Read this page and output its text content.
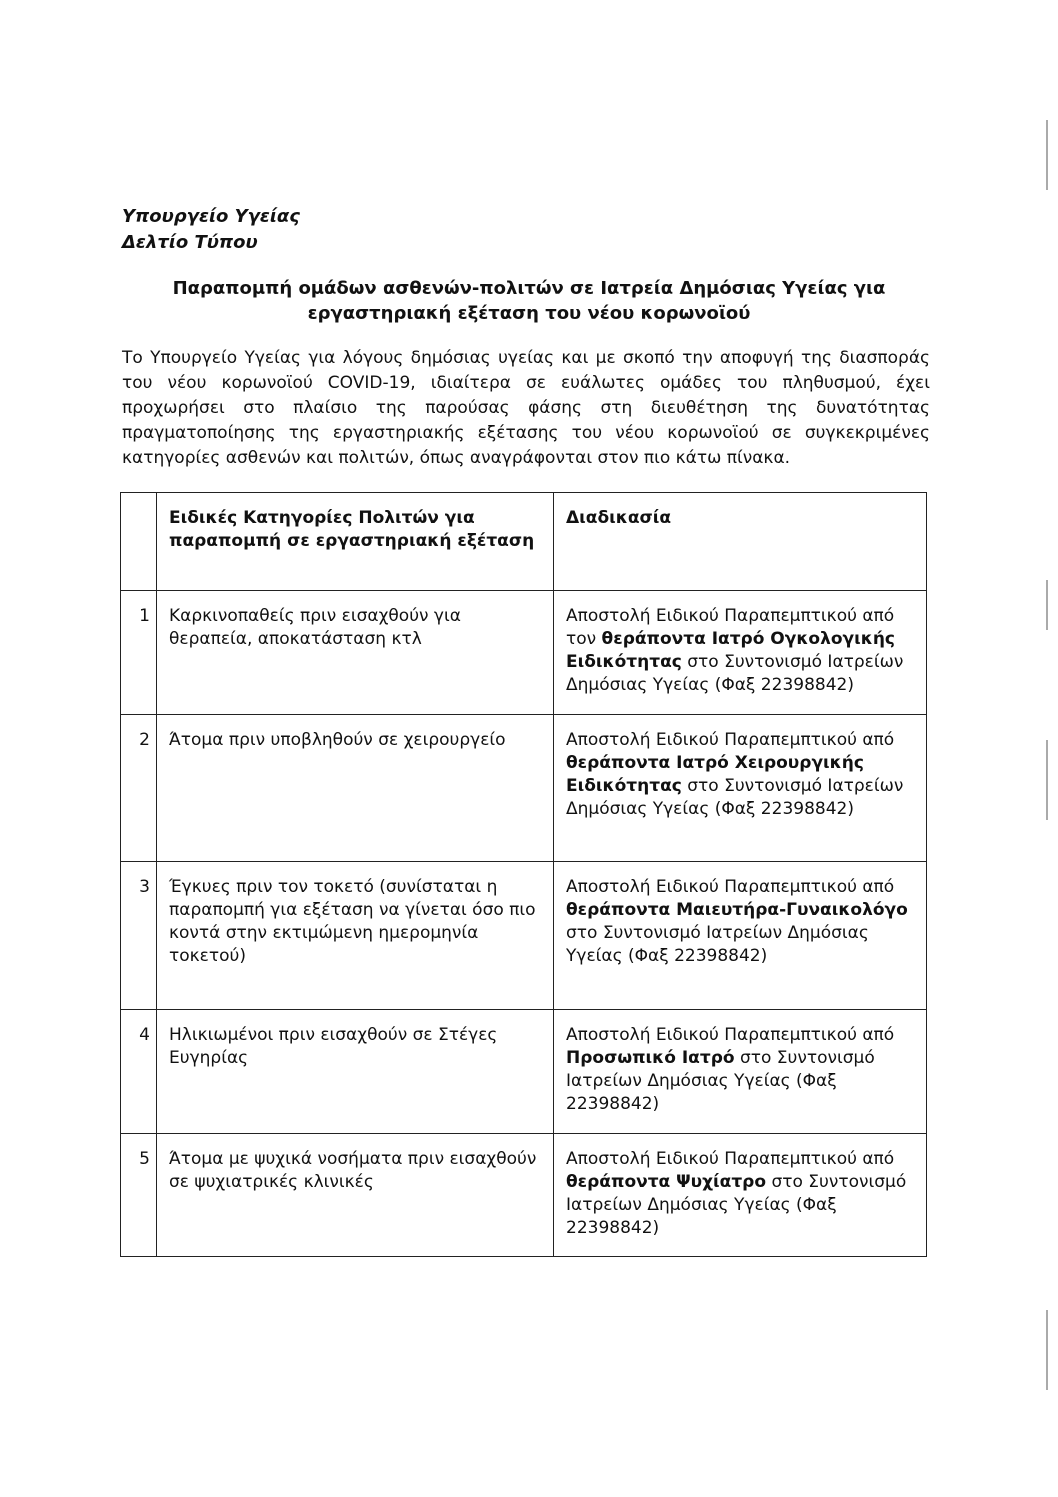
Υπουργείο Υγείας
Δελτίο Τύπου
Παραπομπή ομάδων ασθενών-πολιτών σε Ιατρεία Δημόσιας Υγείας για
εργαστηριακή εξέταση του νέου κορωνοϊού
Το Υπουργείο Υγείας για λόγους δημόσιας υγείας και με σκοπό την αποφυγή της διασποράς του νέου κορωνοϊού COVID-19, ιδιαίτερα σε ευάλωτες ομάδες του πληθυσμού, έχει προχωρήσει στο πλαίσιο της παρούσας φάσης στη διευθέτηση της δυνατότητας πραγματοποίησης της εργαστηριακής εξέτασης του νέου κορωνοϊού σε συγκεκριμένες κατηγορίες ασθενών και πολιτών, όπως αναγράφονται στον πιο κάτω πίνακα.
	Ειδικές Κατηγορίες Πολιτών για παραπομπή σε εργαστηριακή εξέταση	Διαδικασία
1	Καρκινοπαθείς πριν εισαχθούν για θεραπεία, αποκατάσταση κτλ	Αποστολή Ειδικού Παραπεμπτικού από τον θεράποντα Ιατρό Ογκολογικής Ειδικότητας στο Συντονισμό Ιατρείων Δημόσιας Υγείας (Φαξ 22398842)
2	Άτομα πριν υποβληθούν σε χειρουργείο	Αποστολή Ειδικού Παραπεμπτικού από θεράποντα Ιατρό Χειρουργικής Ειδικότητας στο Συντονισμό Ιατρείων Δημόσιας Υγείας (Φαξ 22398842)
3	Έγκυες πριν τον τοκετό (συνίσταται η παραπομπή για εξέταση να γίνεται όσο πιο κοντά στην εκτιμώμενη ημερομηνία τοκετού)	Αποστολή Ειδικού Παραπεμπτικού από θεράποντα Μαιευτήρα-Γυναικολόγο στο Συντονισμό Ιατρείων Δημόσιας Υγείας (Φαξ 22398842)
4	Ηλικιωμένοι πριν εισαχθούν σε Στέγες Ευγηρίας	Αποστολή Ειδικού Παραπεμπτικού από Προσωπικό Ιατρό στο Συντονισμό Ιατρείων Δημόσιας Υγείας (Φαξ 22398842)
5	Άτομα με ψυχικά νοσήματα πριν εισαχθούν σε ψυχιατρικές κλινικές	Αποστολή Ειδικού Παραπεμπτικού από θεράποντα Ψυχίατρο στο Συντονισμό Ιατρείων Δημόσιας Υγείας (Φαξ 22398842)
